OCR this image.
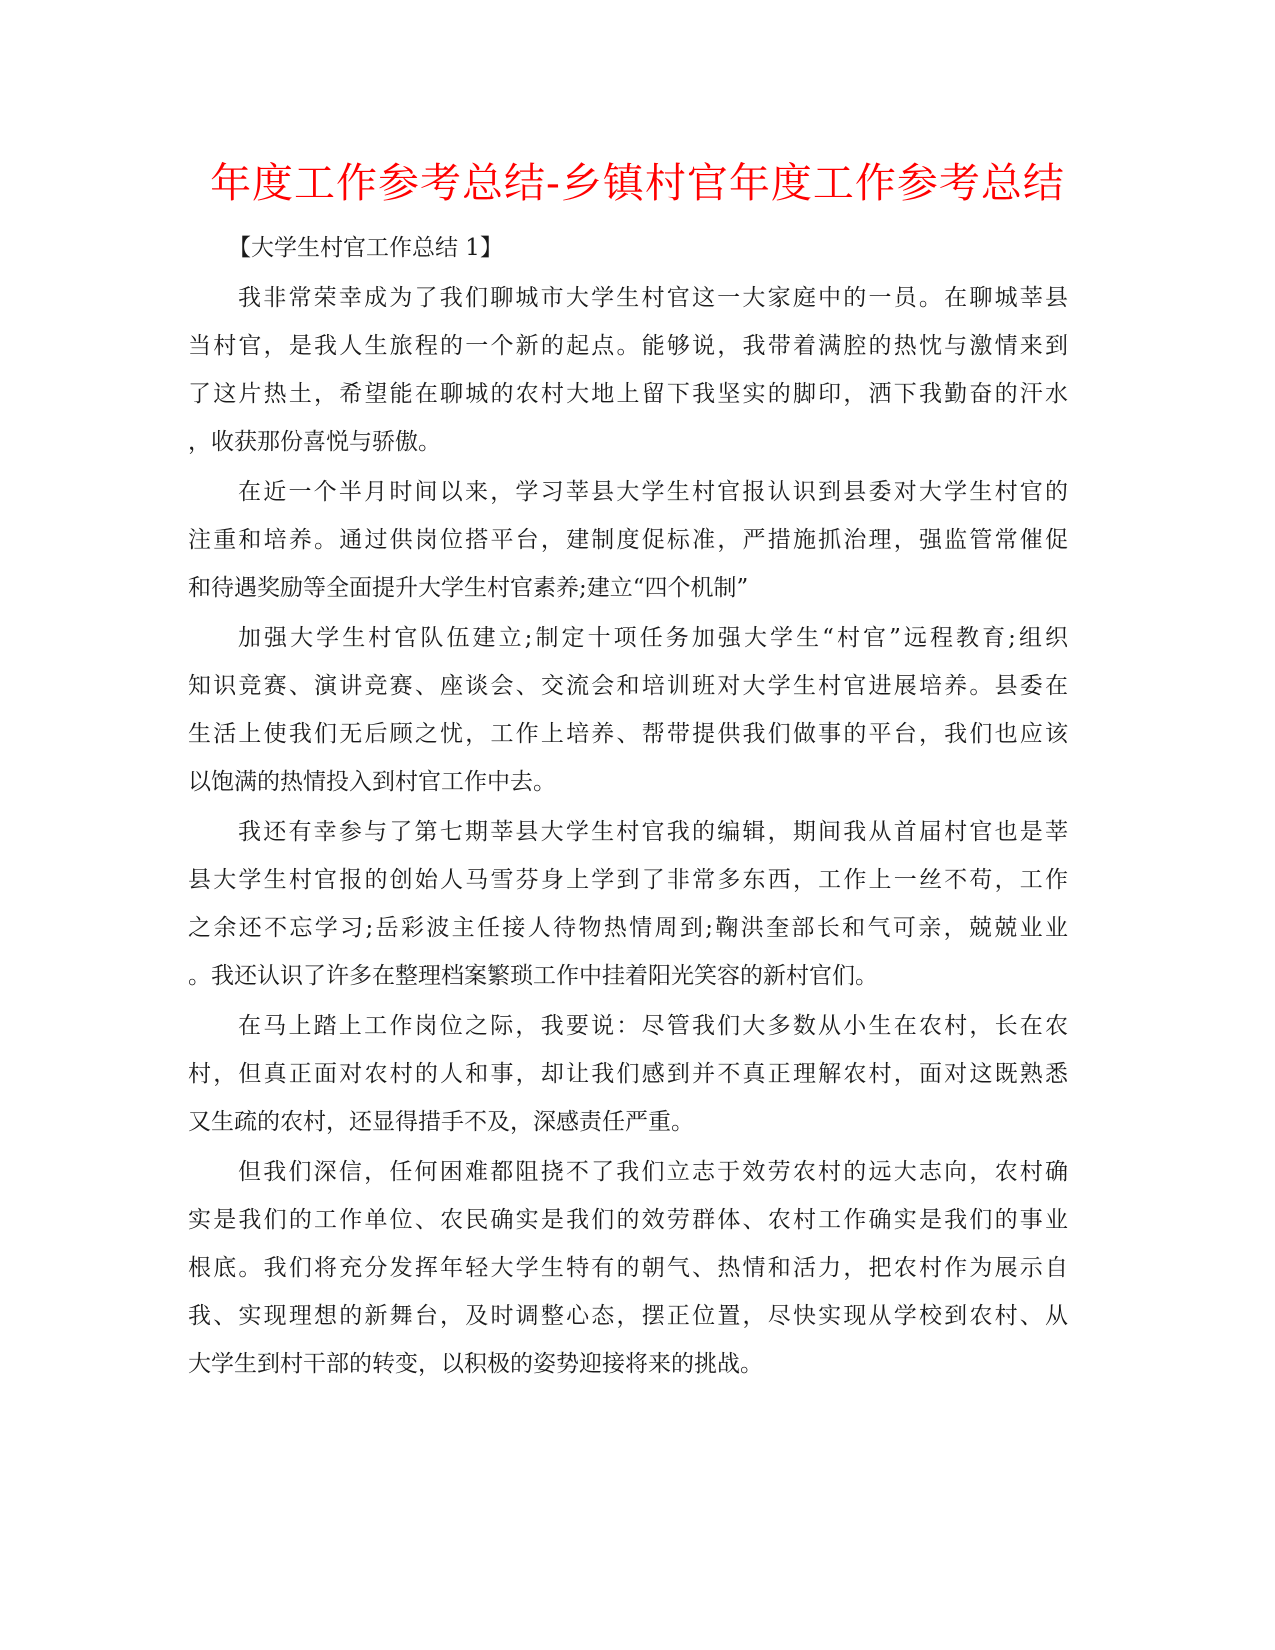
年度工作参考总结-乡镇村官年度工作参考总结

【大学生村官工作总结 1】

我非常荣幸成为了我们聊城市大学生村官这一大家庭中的一员。在聊城莘县
当村官，是我人生旅程的一个新的起点。能够说，我带着满腔的热忱与激情来到
了这片热土，希望能在聊城的农村大地上留下我坚实的脚印，洒下我勤奋的汗水
，收获那份喜悦与骄傲。
在近一个半月时间以来，学习莘县大学生村官报认识到县委对大学生村官的
注重和培养。通过供岗位搭平台，建制度促标准，严措施抓治理，强监管常催促
和待遇奖励等全面提升大学生村官素养;建立“四个机制”
加强大学生村官队伍建立;制定十项任务加强大学生“村官”远程教育;组织
知识竞赛、演讲竞赛、座谈会、交流会和培训班对大学生村官进展培养。县委在
生活上使我们无后顾之忧，工作上培养、帮带提供我们做事的平台，我们也应该
以饱满的热情投入到村官工作中去。
我还有幸参与了第七期莘县大学生村官我的编辑，期间我从首届村官也是莘
县大学生村官报的创始人马雪芬身上学到了非常多东西，工作上一丝不苟，工作
之余还不忘学习;岳彩波主任接人待物热情周到;鞠洪奎部长和气可亲，兢兢业业
。我还认识了许多在整理档案繁琐工作中挂着阳光笑容的新村官们。
在马上踏上工作岗位之际，我要说：尽管我们大多数从小生在农村，长在农
村，但真正面对农村的人和事，却让我们感到并不真正理解农村，面对这既熟悉
又生疏的农村，还显得措手不及，深感责任严重。
但我们深信，任何困难都阻挠不了我们立志于效劳农村的远大志向，农村确
实是我们的工作单位、农民确实是我们的效劳群体、农村工作确实是我们的事业
根底。我们将充分发挥年轻大学生特有的朝气、热情和活力，把农村作为展示自
我、实现理想的新舞台，及时调整心态，摆正位置，尽快实现从学校到农村、从
大学生到村干部的转变，以积极的姿势迎接将来的挑战。
